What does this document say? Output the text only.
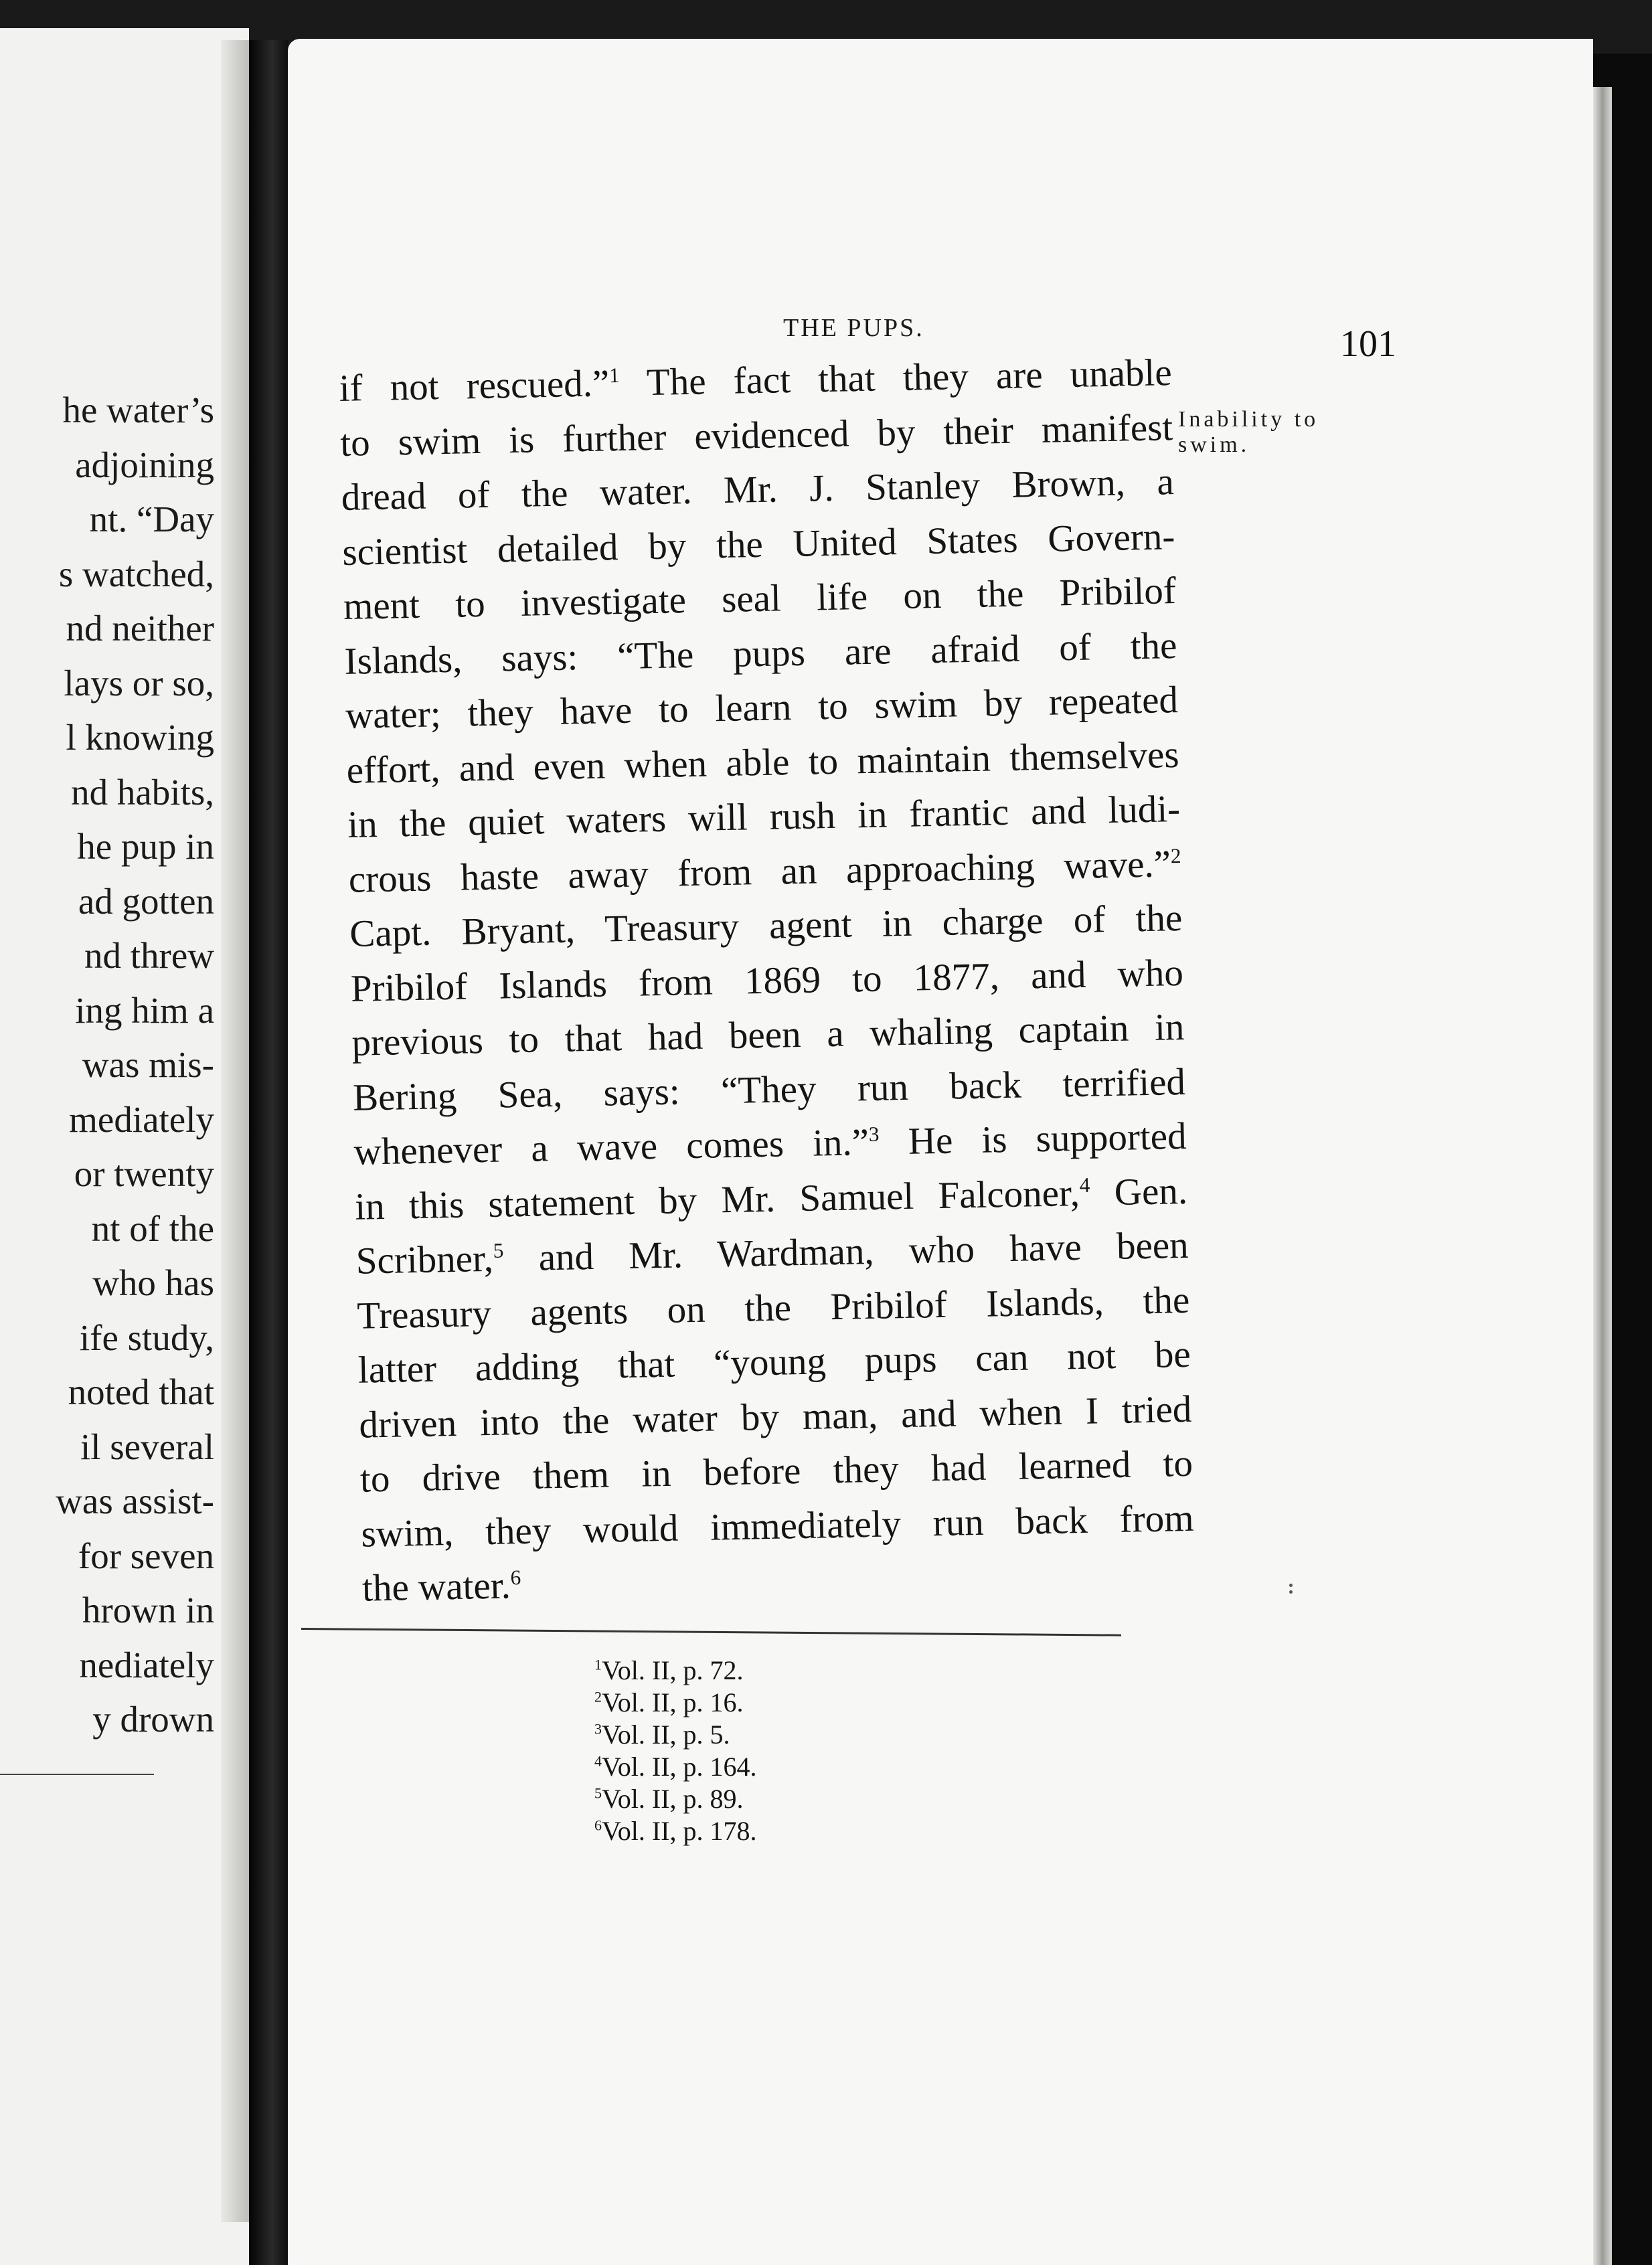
he water’s
adjoining
nt. “Day
s watched,
nd neither
lays or so,
l knowing
nd habits,
he pup in
ad gotten
nd threw
ing him a
was mis-
mediately
or twenty
nt of the
who has
ife study,
noted that
il several
was assist-
for seven
hrown in
nediately
y drown
THE PUPS.	101
Inability to
swim.
if not rescued.”$^1$ The fact that they are unable
to swim is further evidenced by their manifest
dread of the water. Mr. J. Stanley Brown, a
scientist detailed by the United States Govern-
ment to investigate seal life on the Pribilof
Islands, says: “The pups are afraid of the
water; they have to learn to swim by repeated
effort, and even when able to maintain themselves
in the quiet waters will rush in frantic and ludi-
crous haste away from an approaching wave.”$^2$
Capt. Bryant, Treasury agent in charge of the
Pribilof Islands from 1869 to 1877, and who
previous to that had been a whaling captain in
Bering Sea, says: “They run back terrified
whenever a wave comes in.”$^3$ He is supported
in this statement by Mr. Samuel Falconer,$^4$ Gen.
Scribner,$^5$ and Mr. Wardman, who have been
Treasury agents on the Pribilof Islands, the
latter adding that “young pups can not be
driven into the water by man, and when I tried
to drive them in before they had learned to
swim, they would immediately run back from
the water.$^6$
$^1$Vol. II, p. 72.
$^2$Vol. II, p. 16.
$^3$Vol. II, p. 5.
$^4$Vol. II, p. 164.
$^5$Vol. II, p. 89.
$^6$Vol. II, p. 178.
